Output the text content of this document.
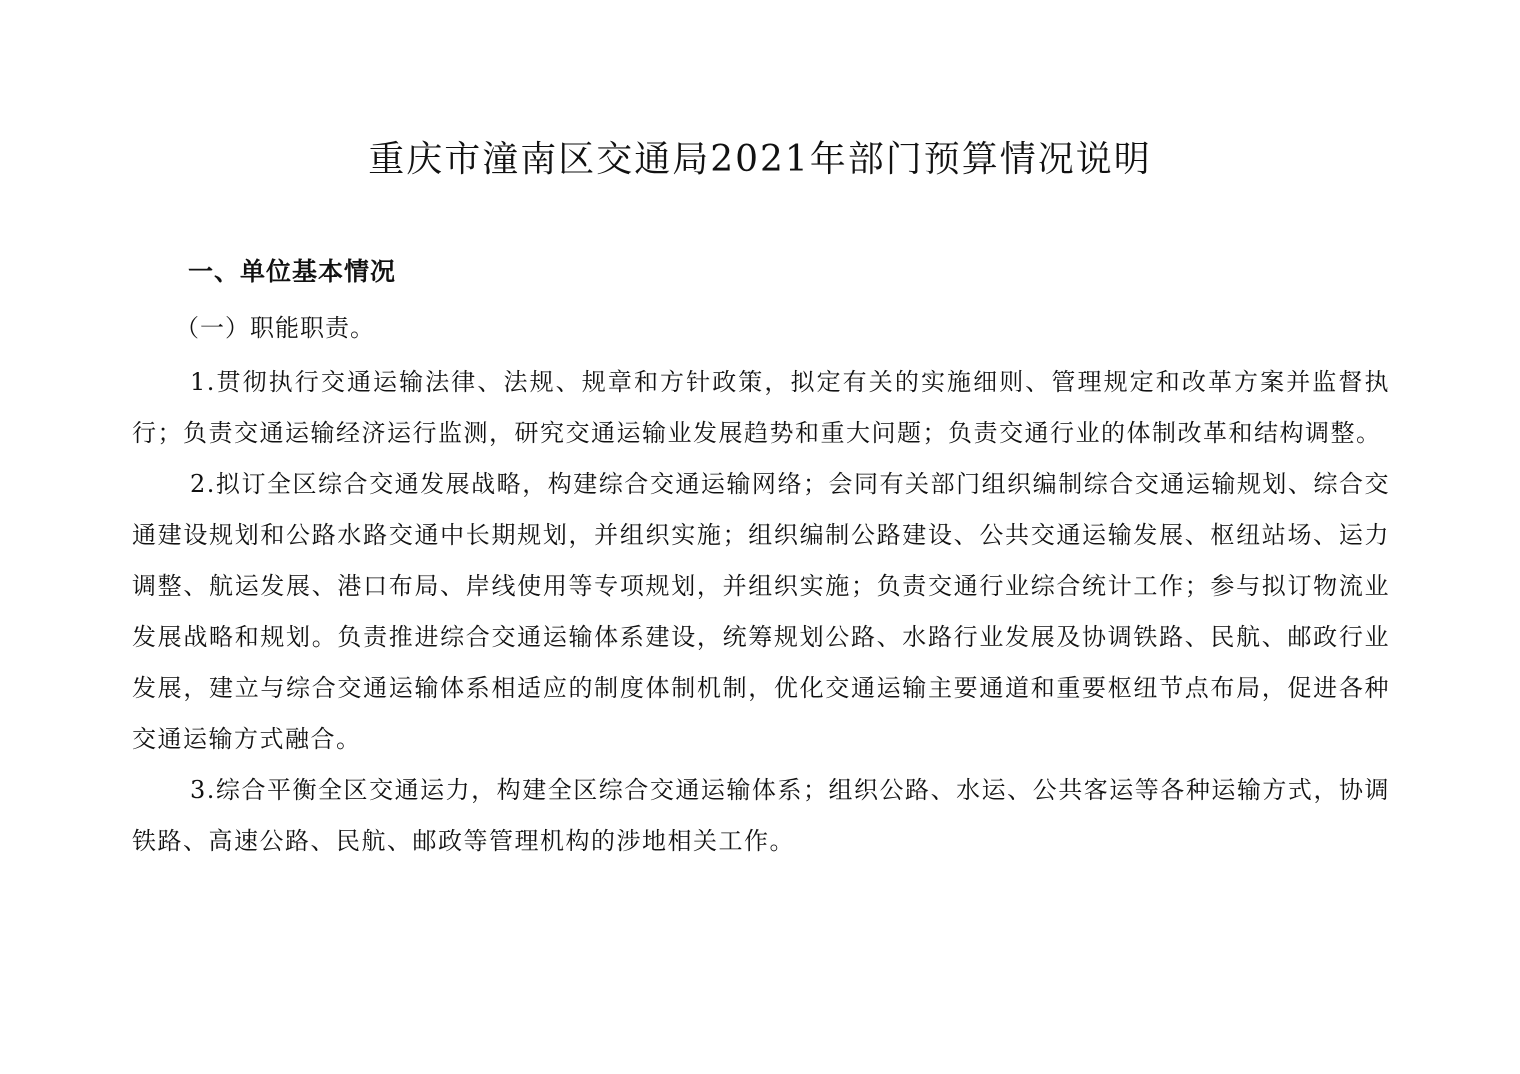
重庆市潼南区交通局2021年部门预算情况说明
一、单位基本情况

（一）职能职责。

1.贯彻执行交通运输法律、法规、规章和方针政策，拟定有关的实施细则、管理规定和改革方案并监督执行；负责交通运输经济运行监测，研究交通运输业发展趋势和重大问题；负责交通行业的体制改革和结构调整。

2.拟订全区综合交通发展战略，构建综合交通运输网络；会同有关部门组织编制综合交通运输规划、综合交通建设规划和公路水路交通中长期规划，并组织实施；组织编制公路建设、公共交通运输发展、枢纽站场、运力调整、航运发展、港口布局、岸线使用等专项规划，并组织实施；负责交通行业综合统计工作；参与拟订物流业发展战略和规划。负责推进综合交通运输体系建设，统筹规划公路、水路行业发展及协调铁路、民航、邮政行业发展，建立与综合交通运输体系相适应的制度体制机制，优化交通运输主要通道和重要枢纽节点布局，促进各种交通运输方式融合。

3.综合平衡全区交通运力，构建全区综合交通运输体系；组织公路、水运、公共客运等各种运输方式，协调铁路、高速公路、民航、邮政等管理机构的涉地相关工作。
